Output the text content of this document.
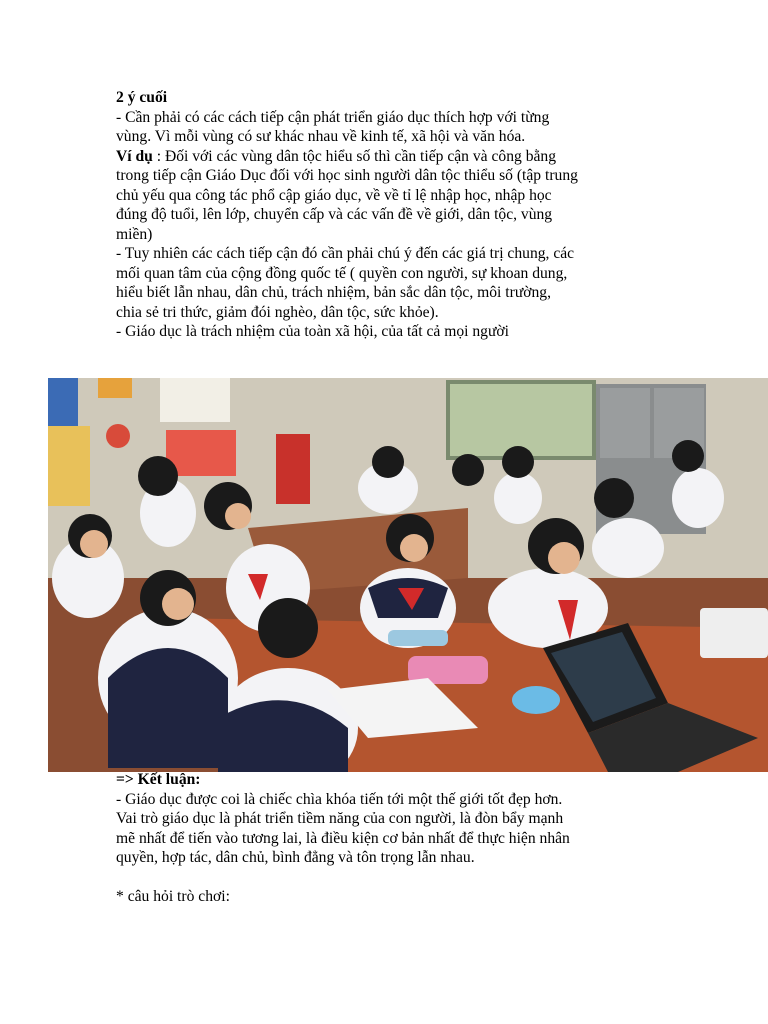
2 ý cuối
- Cần phải có các cách tiếp cận phát triển giáo dục thích hợp với từng
vùng. Vì mỗi vùng có sư khác nhau về kinh tế, xã hội và văn hóa.
Ví dụ : Đối với các vùng dân tộc hiểu số thì cần tiếp cận và công bằng
trong tiếp cận Giáo Dục đối với học sinh người dân tộc thiểu số (tập trung
chủ yếu qua công tác phổ cập giáo dục, về về tỉ lệ nhập học, nhập học
đúng độ tuổi, lên lớp, chuyển cấp và các vấn đề về giới, dân tộc, vùng
miền)
- Tuy nhiên các cách tiếp cận đó cần phải chú ý đến các giá trị chung, các
mối quan tâm của cộng đồng quốc tế ( quyền con người, sự khoan dung,
hiểu biết lẫn nhau, dân chủ, trách nhiệm, bản sắc dân tộc, môi trường,
chia sẻ tri thức, giảm đói nghèo, dân tộc, sức khỏe).
- Giáo dục là trách nhiệm của toàn xã hội, của tất cả mọi người
=> Kết luận:
- Giáo dục được coi là chiếc chìa khóa tiến tới một thế giới tốt đẹp hơn.
Vai trò giáo dục là phát triển tiềm năng của con người, là đòn bẩy mạnh
mẽ nhất để tiến vào tương lai, là điều kiện cơ bản nhất để thực hiện nhân
quyền, hợp tác, dân chủ, bình đẳng và tôn trọng lẫn nhau.
* câu hỏi trò chơi:
